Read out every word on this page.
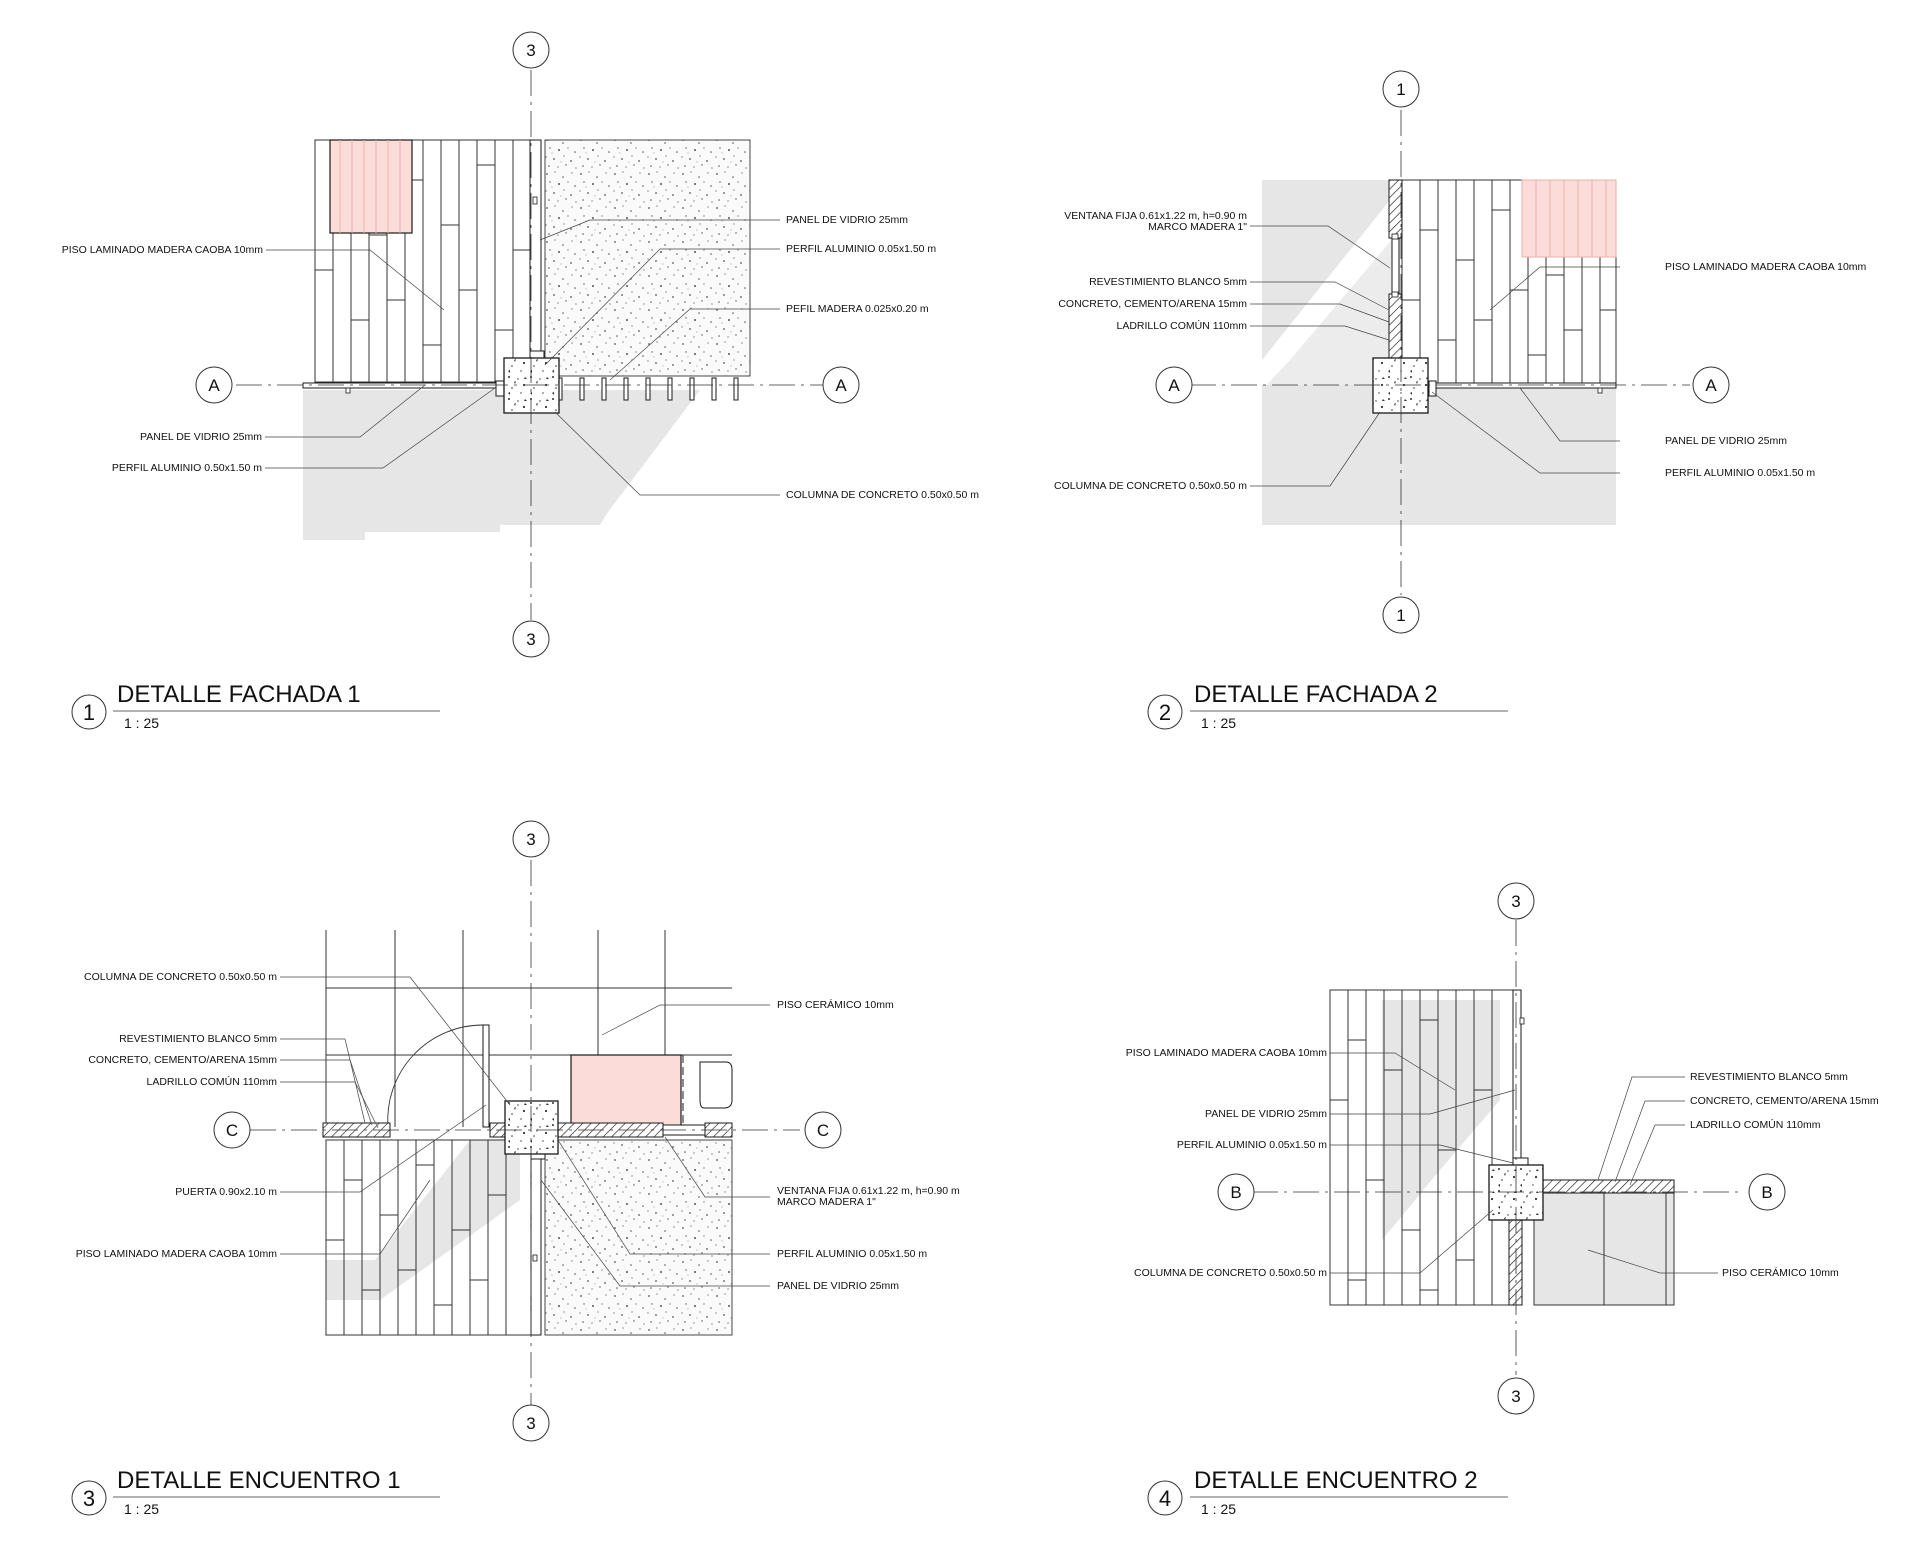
3
3
A	A
PISO LAMINADO MADERA CAOBA 10mm
PANEL DE VIDRIO 25mm
PERFIL ALUMINIO 0.50x1.50 m
PANEL DE VIDRIO 25mm
PERFIL ALUMINIO 0.05x1.50 m
PEFIL MADERA 0.025x0.20 m
COLUMNA DE CONCRETO 0.50x0.50 m
1
DETALLE FACHADA 1
1 : 25
1
1
A	A
VENTANA FIJA 0.61x1.22 m, h=0.90 m
MARCO MADERA 1"
REVESTIMIENTO BLANCO 5mm
CONCRETO, CEMENTO/ARENA 15mm
LADRILLO COMÚN 110mm
COLUMNA DE CONCRETO 0.50x0.50 m
PISO LAMINADO MADERA CAOBA 10mm
PANEL DE VIDRIO 25mm
PERFIL ALUMINIO 0.05x1.50 m
2
DETALLE FACHADA 2
1 : 25
3
3
C	C
COLUMNA DE CONCRETO 0.50x0.50 m
REVESTIMIENTO BLANCO 5mm
CONCRETO, CEMENTO/ARENA 15mm
LADRILLO COMÚN 110mm
PUERTA 0.90x2.10 m
PISO LAMINADO MADERA CAOBA 10mm
PISO CERÁMICO 10mm
VENTANA FIJA 0.61x1.22 m, h=0.90 m
MARCO MADERA 1"
PERFIL ALUMINIO 0.05x1.50 m
PANEL DE VIDRIO 25mm
3
DETALLE ENCUENTRO 1
1 : 25
3
3
B	B
PISO LAMINADO MADERA CAOBA 10mm
PANEL DE VIDRIO 25mm
PERFIL ALUMINIO 0.05x1.50 m
COLUMNA DE CONCRETO 0.50x0.50 m
REVESTIMIENTO BLANCO 5mm
CONCRETO, CEMENTO/ARENA 15mm
LADRILLO COMÚN 110mm
PISO CERÁMICO 10mm
4
DETALLE ENCUENTRO 2
1 : 25
